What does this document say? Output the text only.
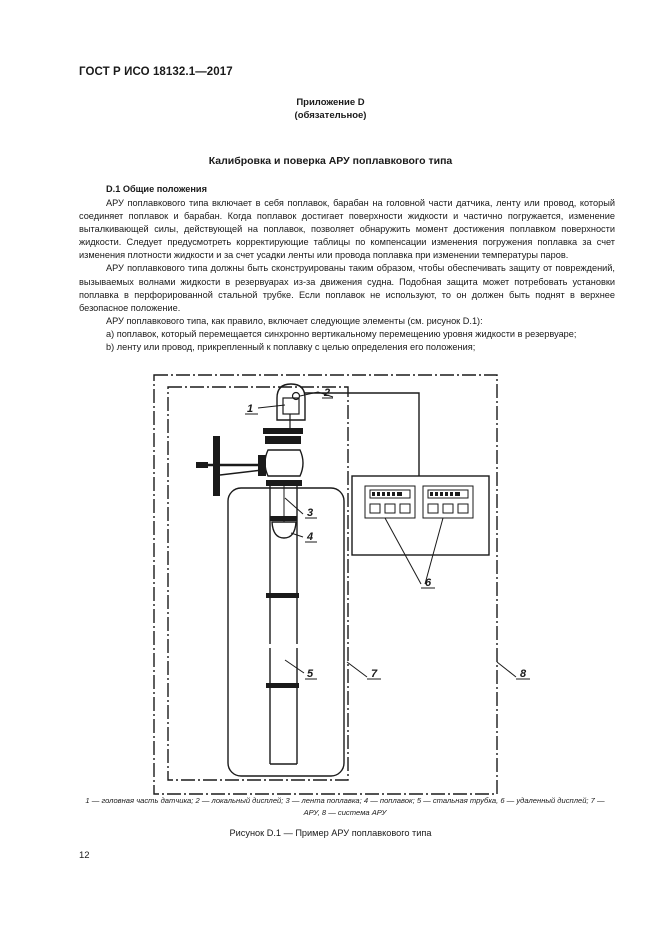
ГОСТ Р ИСО 18132.1—2017
Приложение D
(обязательное)
Калибровка и поверка АРУ поплавкового типа
D.1 Общие положения

АРУ поплавкового типа включает в себя поплавок, барабан на головной части датчика, ленту или провод, который соединяет поплавок и барабан. Когда поплавок достигает поверхности жидкости и частично погружается, изменение выталкивающей силы, действующей на поплавок, позволяет обнаружить момент достижения поплавком поверхности жидкости. Следует предусмотреть корректирующие таблицы по компенсации изменения погружения поплавка за счет изменения плотности жидкости и за счет усадки ленты или провода поплавка при изменении температуры паров.

АРУ поплавкового типа должны быть сконструированы таким образом, чтобы обеспечивать защиту от повреждений, вызываемых волнами жидкости в резервуарах из-за движения судна. Подобная защита может потребовать установки поплавка в перфорированной стальной трубке. Если поплавок не используют, то он должен быть поднят в верхнее безопасное положение.

АРУ поплавкового типа, как правило, включает следующие элементы (см. рисунок D.1):

a) поплавок, который перемещается синхронно вертикальному перемещению уровня жидкости в резервуаре;

b) ленту или провод, прикрепленный к поплавку с целью определения его положения;

1
2
3
4
5
6
7	8
1 — головная часть датчика; 2 — локальный дисплей; 3 — лента поплавка; 4 — поплавок; 5 — стальная трубка, 6 — удаленный дисплей; 7 — АРУ, 8 — система АРУ
Рисунок D.1 — Пример АРУ поплавкового типа
12
